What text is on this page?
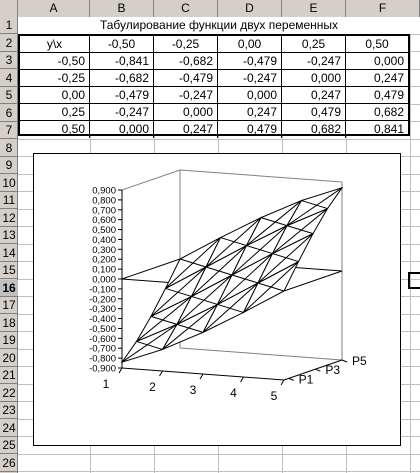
A	B	C	D	E	F
1
2
3
4
5
6
7
8
9
10
11
12
13
14
15
16
17
18
19
20
21
22
23
24
25
26
Табулирование функции двух переменных
y\x	-0,50	-0,25	0,00	0,25	0,50
-0,50	-0,841	-0,682	-0,479	-0,247	0,000
-0,25	-0,682	-0,479	-0,247	0,000	0,247
0,00	-0,479	-0,247	0,000	0,247	0,479
0,25	-0,247	0,000	0,247	0,479	0,682
0,50	0,000	0,247	0,479	0,682	0,841
0,900
0,800
0,700
0,600
0,500
0,400
0,300
0,200
0,100
0,000
-0,100
-0,200
-0,300
-0,400
-0,500
-0,600
-0,700
-0,800
-0,900
1	2	3	4	5
P1
P3
P5
